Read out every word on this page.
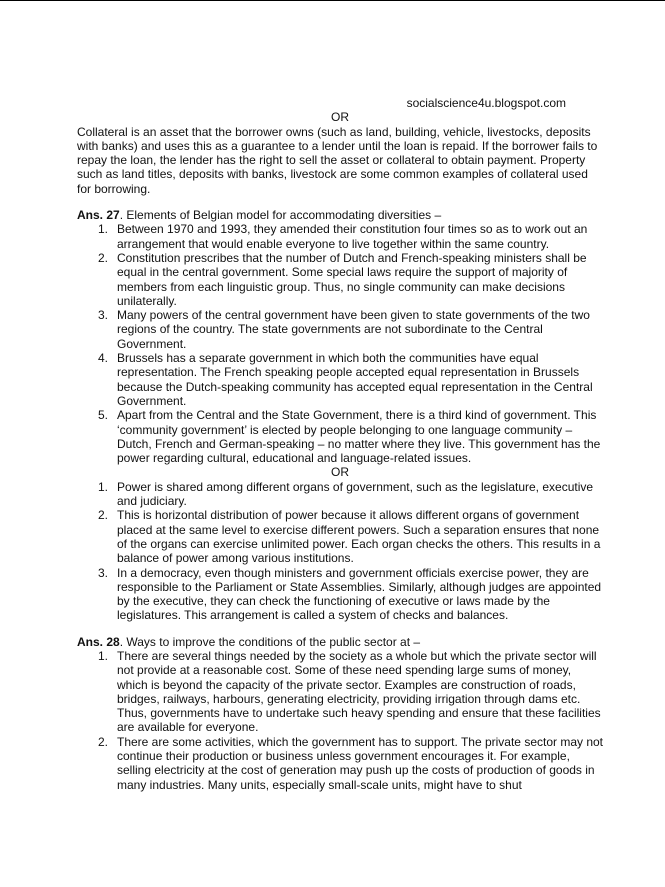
socialscience4u.blogspot.com

OR

Collateral is an asset that the borrower owns (such as land, building, vehicle, livestocks, deposits with banks) and uses this as a guarantee to a lender until the loan is repaid. If the borrower fails to repay the loan, the lender has the right to sell the asset or collateral to obtain payment. Property such as land titles, deposits with banks, livestock are some common examples of collateral used for borrowing.

Ans. 27. Elements of Belgian model for accommodating diversities –

1. Between 1970 and 1993, they amended their constitution four times so as to work out an arrangement that would enable everyone to live together within the same country.
2. Constitution prescribes that the number of Dutch and French-speaking ministers shall be equal in the central government. Some special laws require the support of majority of members from each linguistic group. Thus, no single community can make decisions unilaterally.
3. Many powers of the central government have been given to state governments of the two regions of the country. The state governments are not subordinate to the Central Government.
4. Brussels has a separate government in which both the communities have equal representation. The French speaking people accepted equal representation in Brussels because the Dutch-speaking community has accepted equal representation in the Central Government.
5. Apart from the Central and the State Government, there is a third kind of government. This ‘community government’ is elected by people belonging to one language community – Dutch, French and German-speaking – no matter where they live. This government has the power regarding cultural, educational and language-related issues.

OR

1. Power is shared among different organs of government, such as the legislature, executive and judiciary.
2. This is horizontal distribution of power because it allows different organs of government placed at the same level to exercise different powers. Such a separation ensures that none of the organs can exercise unlimited power. Each organ checks the others. This results in a balance of power among various institutions.
3. In a democracy, even though ministers and government officials exercise power, they are responsible to the Parliament or State Assemblies. Similarly, although judges are appointed by the executive, they can check the functioning of executive or laws made by the legislatures. This arrangement is called a system of checks and balances.

Ans. 28. Ways to improve the conditions of the public sector at –

1. There are several things needed by the society as a whole but which the private sector will not provide at a reasonable cost. Some of these need spending large sums of money, which is beyond the capacity of the private sector. Examples are construction of roads, bridges, railways, harbours, generating electricity, providing irrigation through dams etc. Thus, governments have to undertake such heavy spending and ensure that these facilities are available for everyone.
2. There are some activities, which the government has to support. The private sector may not continue their production or business unless government encourages it. For example, selling electricity at the cost of generation may push up the costs of production of goods in many industries. Many units, especially small-scale units, might have to shut
